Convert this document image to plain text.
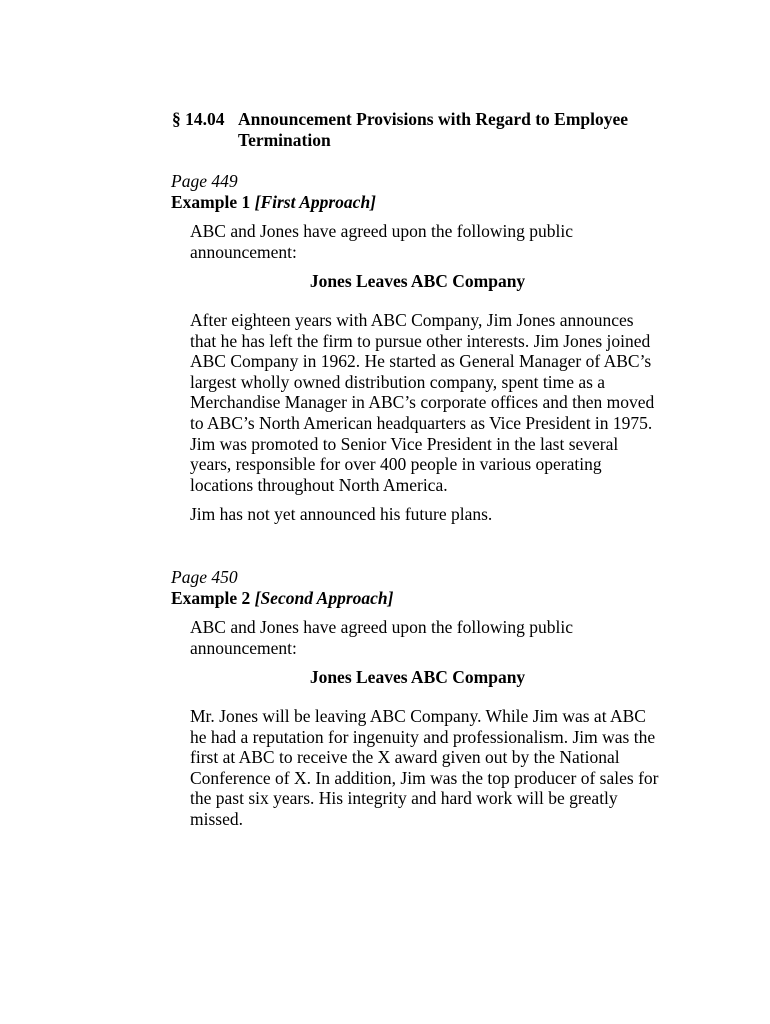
§ 14.04 Announcement Provisions with Regard to Employee Termination
Page 449
Example 1 [First Approach]
ABC and Jones have agreed upon the following public announcement:
Jones Leaves ABC Company
After eighteen years with ABC Company, Jim Jones announces that he has left the firm to pursue other interests. Jim Jones joined ABC Company in 1962. He started as General Manager of ABC’s largest wholly owned distribution company, spent time as a Merchandise Manager in ABC’s corporate offices and then moved to ABC’s North American headquarters as Vice President in 1975. Jim was promoted to Senior Vice President in the last several years, responsible for over 400 people in various operating locations throughout North America.
Jim has not yet announced his future plans.
Page 450
Example 2 [Second Approach]
ABC and Jones have agreed upon the following public announcement:
Jones Leaves ABC Company
Mr. Jones will be leaving ABC Company. While Jim was at ABC he had a reputation for ingenuity and professionalism. Jim was the first at ABC to receive the X award given out by the National Conference of X. In addition, Jim was the top producer of sales for the past six years. His integrity and hard work will be greatly missed.
